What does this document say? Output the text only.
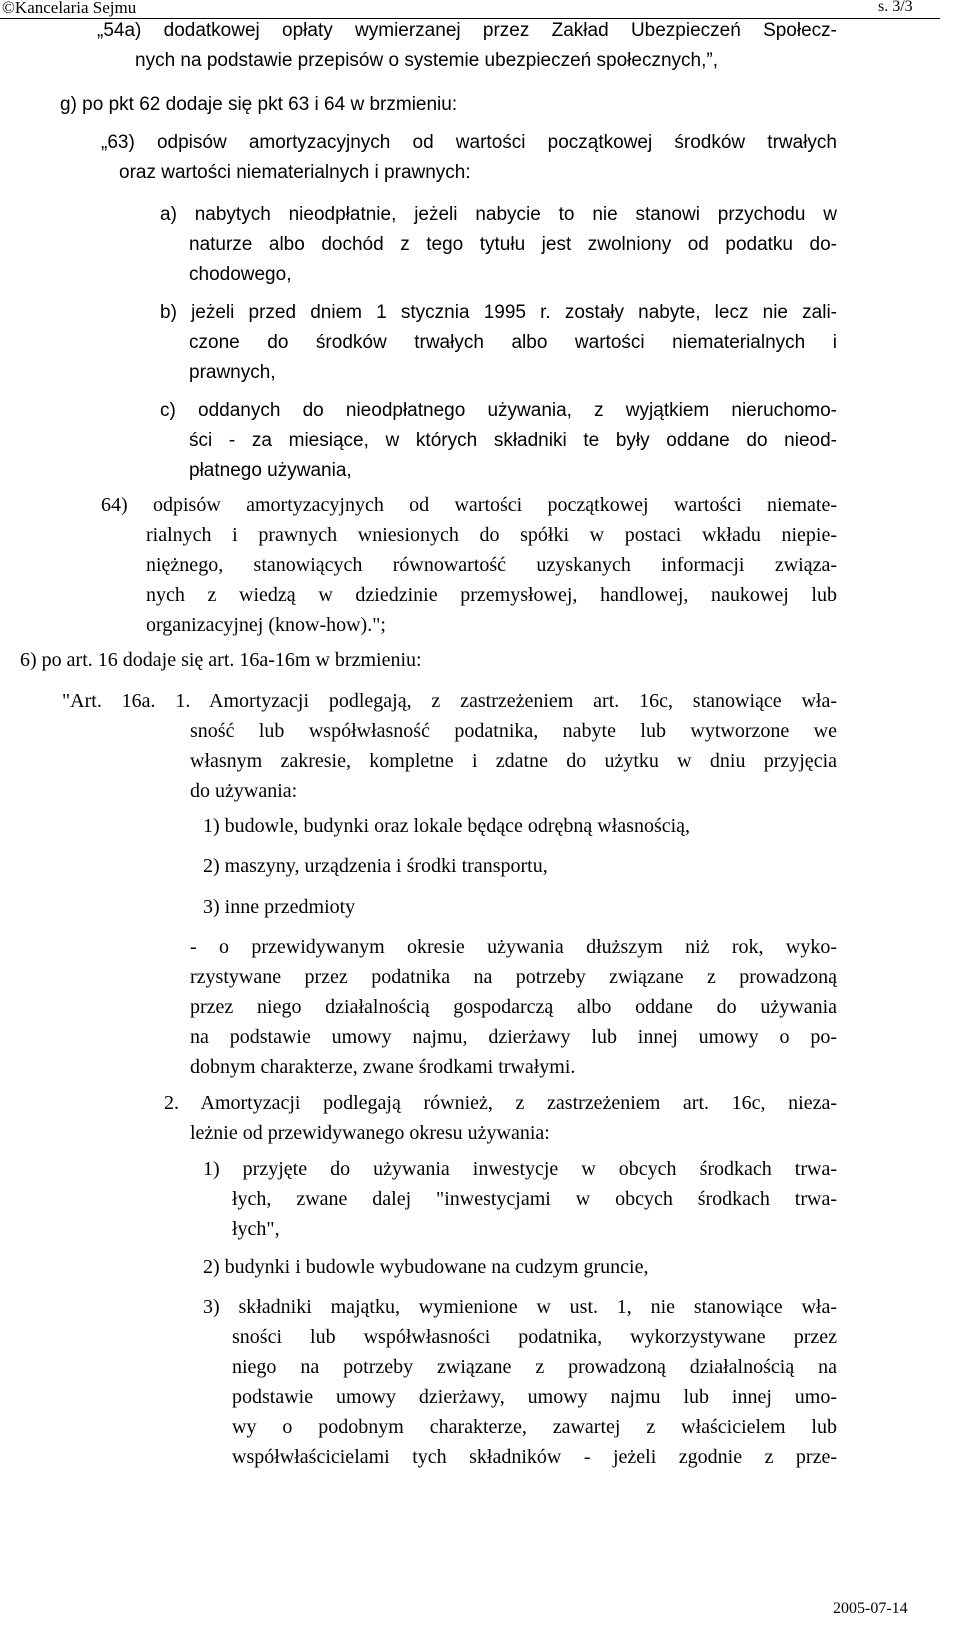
©Kancelaria Sejmu	s. 3/3
„54a) dodatkowej opłaty wymierzanej przez Zakład Ubezpieczeń Społecz-
nych na podstawie przepisów o systemie ubezpieczeń społecznych,”,
g) po pkt 62 dodaje się pkt 63 i 64 w brzmieniu:
„63) odpisów amortyzacyjnych od wartości początkowej środków trwałych
oraz wartości niematerialnych i prawnych:
a) nabytych nieodpłatnie, jeżeli nabycie to nie stanowi przychodu w
naturze albo dochód z tego tytułu jest zwolniony od podatku do-
chodowego,
b) jeżeli przed dniem 1 stycznia 1995 r. zostały nabyte, lecz nie zali-
czone do środków trwałych albo wartości niematerialnych i
prawnych,
c) oddanych do nieodpłatnego używania, z wyjątkiem nieruchomo-
ści - za miesiące, w których składniki te były oddane do nieod-
płatnego używania,
64) odpisów amortyzacyjnych od wartości początkowej wartości niemate-
rialnych i prawnych wniesionych do spółki w postaci wkładu niepie-
niężnego, stanowiących równowartość uzyskanych informacji związa-
nych z wiedzą w dziedzinie przemysłowej, handlowej, naukowej lub
organizacyjnej (know-how).";
6) po art. 16 dodaje się art. 16a-16m w brzmieniu:
"Art. 16a. 1. Amortyzacji podlegają, z zastrzeżeniem art. 16c, stanowiące wła-
sność lub współwłasność podatnika, nabyte lub wytworzone we
własnym zakresie, kompletne i zdatne do użytku w dniu przyjęcia
do używania:
1) budowle, budynki oraz lokale będące odrębną własnością,
2) maszyny, urządzenia i środki transportu,
3) inne przedmioty
- o przewidywanym okresie używania dłuższym niż rok, wyko-
rzystywane przez podatnika na potrzeby związane z prowadzoną
przez niego działalnością gospodarczą albo oddane do używania
na podstawie umowy najmu, dzierżawy lub innej umowy o po-
dobnym charakterze, zwane środkami trwałymi.
2. Amortyzacji podlegają również, z zastrzeżeniem art. 16c, nieza-
leżnie od przewidywanego okresu używania:
1) przyjęte do używania inwestycje w obcych środkach trwa-
łych, zwane dalej "inwestycjami w obcych środkach trwa-
łych",
2) budynki i budowle wybudowane na cudzym gruncie,
3) składniki majątku, wymienione w ust. 1, nie stanowiące wła-
sności lub współwłasności podatnika, wykorzystywane przez
niego na potrzeby związane z prowadzoną działalnością na
podstawie umowy dzierżawy, umowy najmu lub innej umo-
wy o podobnym charakterze, zawartej z właścicielem lub
współwłaścicielami tych składników - jeżeli zgodnie z prze-
2005-07-14
